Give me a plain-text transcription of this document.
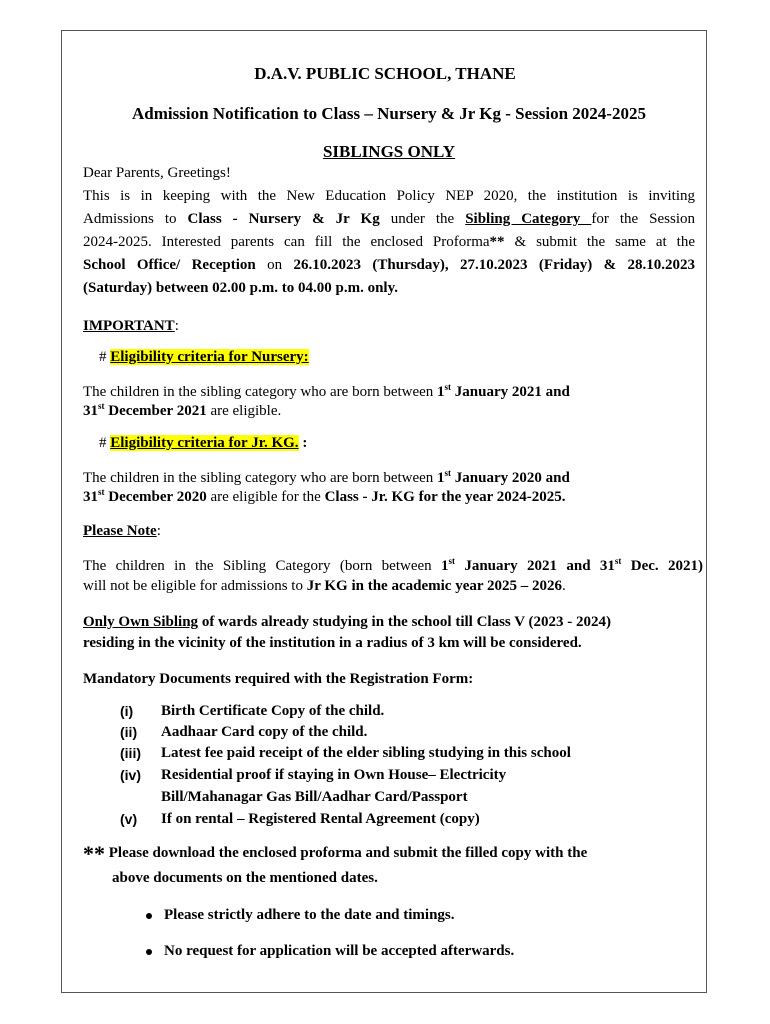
D.A.V. PUBLIC SCHOOL, THANE
Admission Notification to Class – Nursery & Jr Kg - Session 2024-2025
SIBLINGS ONLY
Dear Parents, Greetings!
This is in keeping with the New Education Policy NEP 2020, the institution is inviting
Admissions to Class - Nursery & Jr Kg under the Sibling Category for the Session
2024-2025. Interested parents can fill the enclosed Proforma** & submit the same at the
School Office/ Reception on 26.10.2023 (Thursday), 27.10.2023 (Friday) & 28.10.2023
(Saturday) between 02.00 p.m. to 04.00 p.m. only.
IMPORTANT:
# Eligibility criteria for Nursery:
The children in the sibling category who are born between 1st January 2021 and
31st December 2021 are eligible.
# Eligibility criteria for Jr. KG. :
The children in the sibling category who are born between 1st January 2020 and
31st December 2020 are eligible for the Class - Jr. KG for the year 2024-2025.
Please Note:
The children in the Sibling Category (born between 1st January 2021 and 31st Dec. 2021)
will not be eligible for admissions to Jr KG in the academic year 2025 – 2026.
Only Own Sibling of wards already studying in the school till Class V (2023 - 2024)
residing in the vicinity of the institution in a radius of 3 km will be considered.
Mandatory Documents required with the Registration Form:
(i) Birth Certificate Copy of the child.
(ii) Aadhaar Card copy of the child.
(iii) Latest fee paid receipt of the elder sibling studying in this school
(iv) Residential proof if staying in Own House– Electricity
Bill/Mahanagar Gas Bill/Aadhar Card/Passport
(v) If on rental – Registered Rental Agreement (copy)
** Please download the enclosed proforma and submit the filled copy with the
above documents on the mentioned dates.
Please strictly adhere to the date and timings.
No request for application will be accepted afterwards.
